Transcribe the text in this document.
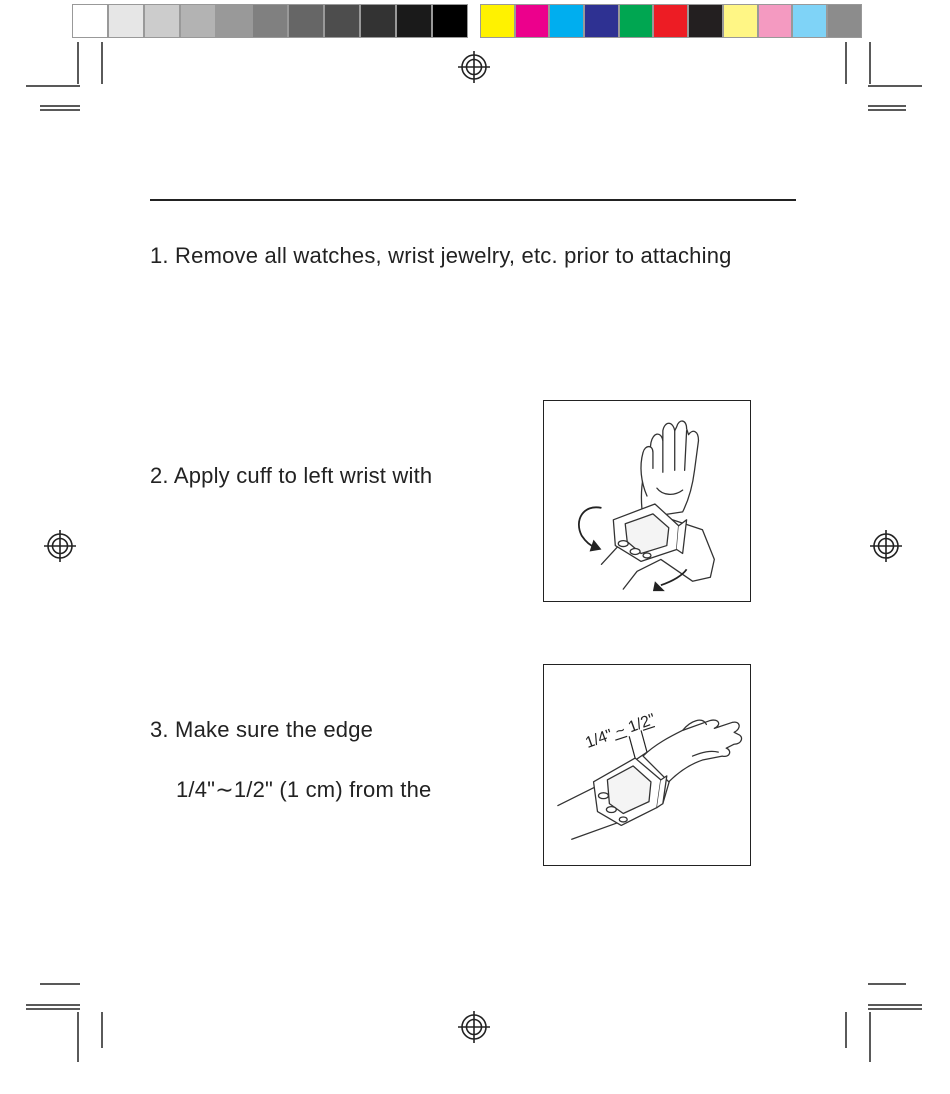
1. Remove all watches, wrist jewelry, etc. prior to attaching
2. Apply cuff to left wrist with
3. Make sure the edge
1/4"∼1/2" (1 cm) from the
1/4" ~ 1/2"
